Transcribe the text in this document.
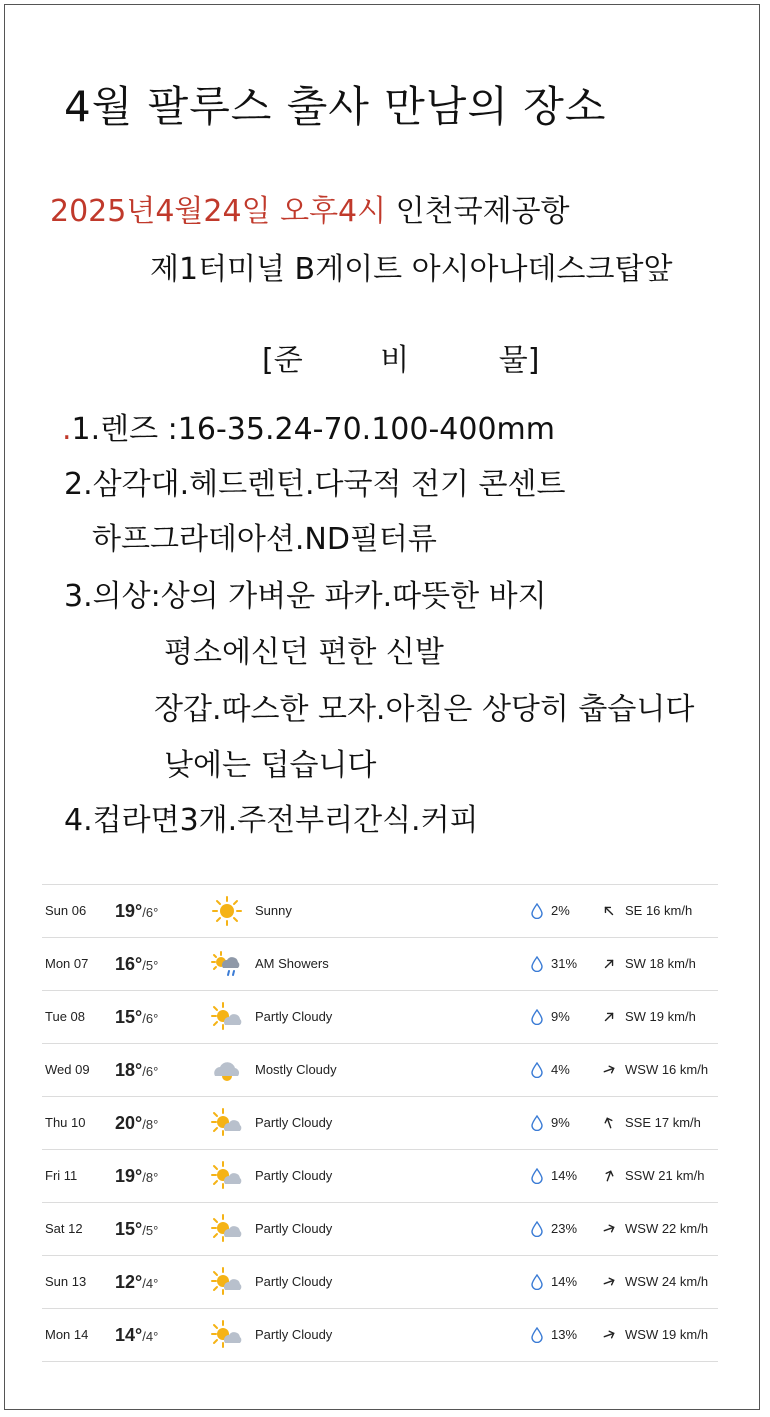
4월 팔루스 출사 만남의 장소
2025년4월24일 오후4시 인천국제공항
제1터미널 B게이트 아시아나데스크탑앞
[준	비	물]
.1.렌즈 :16-35.24-70.100-400mm
2.삼각대.헤드렌턴.다국적 전기 콘센트
하프그라데아션.ND필터류
3.의상:상의 가벼운 파카.따뜻한 바지
평소에신던 편한 신발
장갑.따스한 모자.아침은 상당히 춥습니다
낮에는 덥습니다
4.컵라면3개.주전부리간식.커피
Sun 06 19°/6°	Sunny	2%	SE 16 km/h
Mon 07 16°/5°	AM Showers	31%	SW 18 km/h
Tue 08 15°/6°	Partly Cloudy	9%	SW 19 km/h
Wed 09 18°/6°	Mostly Cloudy	4%	WSW 16 km/h
Thu 10 20°/8°	Partly Cloudy	9%	SSE 17 km/h
Fri 11 19°/8°	Partly Cloudy	14%	SSW 21 km/h
Sat 12 15°/5°	Partly Cloudy	23%	WSW 22 km/h
Sun 13 12°/4°	Partly Cloudy	14%	WSW 24 km/h
Mon 14 14°/4°	Partly Cloudy	13%	WSW 19 km/h
